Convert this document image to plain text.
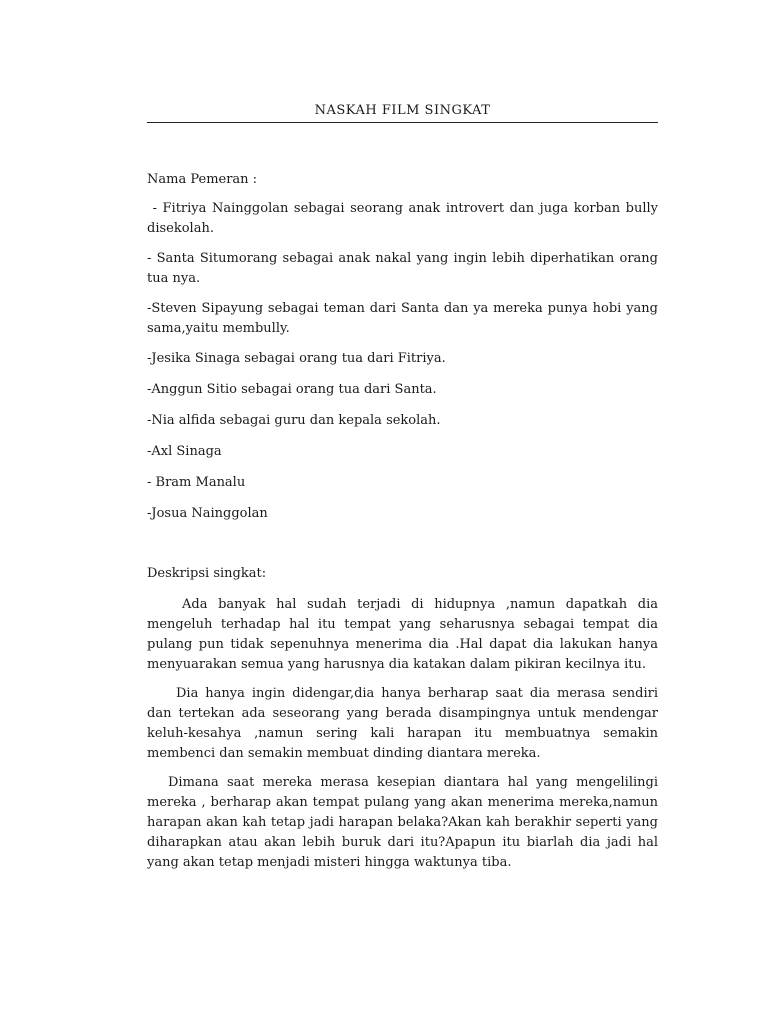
NASKAH FILM SINGKAT

Nama Pemeran :

- Fitriya Nainggolan sebagai seorang anak introvert dan juga korban bully disekolah.

- Santa Situmorang sebagai anak nakal yang ingin lebih diperhatikan orang tua nya.

-Steven Sipayung sebagai teman dari Santa dan ya mereka punya hobi yang sama,yaitu membully.

-Jesika Sinaga sebagai orang tua dari Fitriya.

-Anggun Sitio sebagai orang tua dari Santa.

-Nia alfida sebagai guru dan kepala sekolah.

-Axl Sinaga

- Bram Manalu

-Josua Nainggolan

Deskripsi singkat:

Ada banyak hal sudah terjadi di hidupnya ,namun dapatkah dia mengeluh terhadap hal itu tempat yang seharusnya sebagai tempat dia pulang pun tidak sepenuhnya menerima dia .Hal dapat dia lakukan hanya menyuarakan semua yang harusnya dia katakan dalam pikiran kecilnya itu.

Dia hanya ingin didengar,dia hanya berharap saat dia merasa sendiri dan tertekan ada seseorang yang berada disampingnya untuk mendengar keluh-kesahya ,namun sering kali harapan itu membuatnya semakin membenci dan semakin membuat dinding diantara mereka.

Dimana saat mereka merasa kesepian diantara hal yang mengelilingi mereka , berharap akan tempat pulang yang akan menerima mereka,namun harapan akan kah tetap jadi harapan belaka?Akan kah berakhir seperti yang diharapkan atau akan lebih buruk dari itu?Apapun itu biarlah dia jadi hal yang akan tetap menjadi misteri hingga waktunya tiba.
